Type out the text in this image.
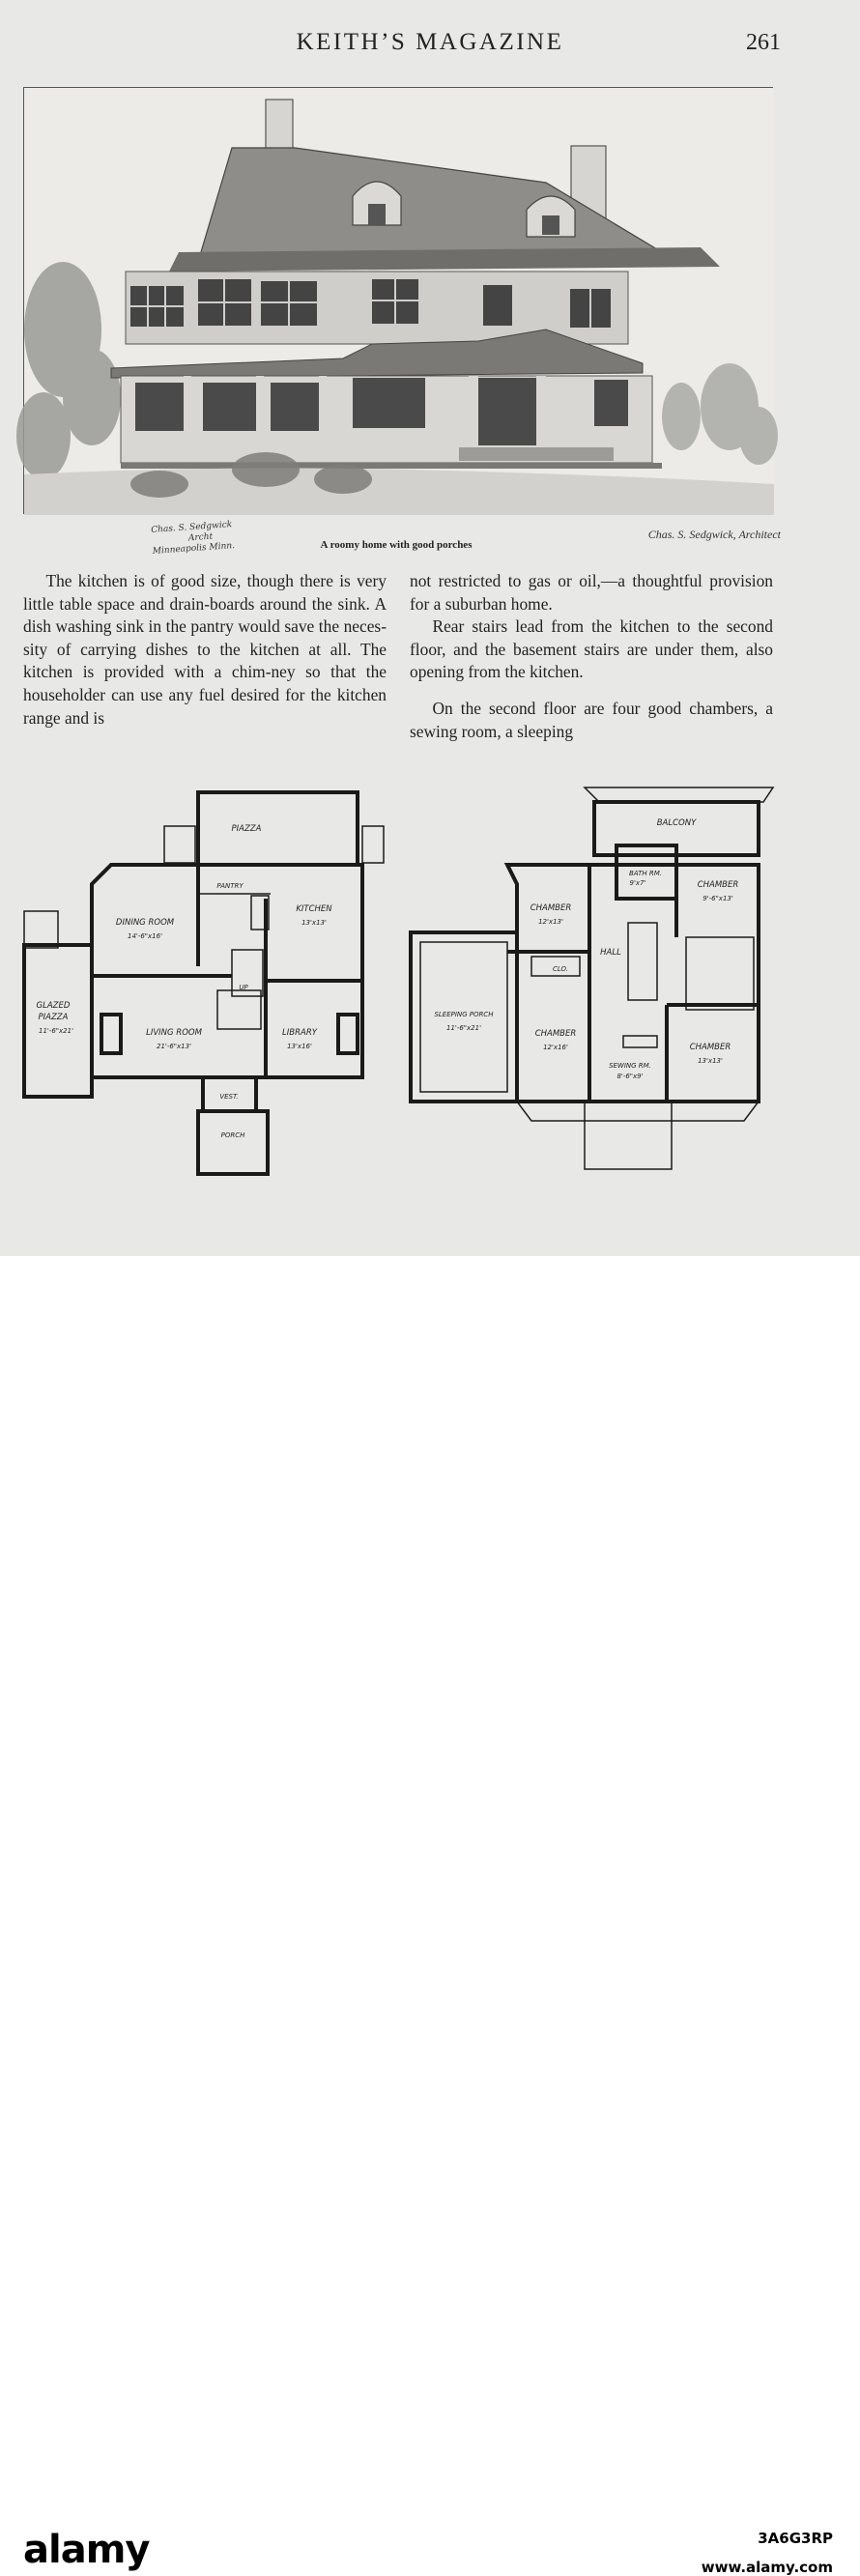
KEITH’S MAGAZINE	261
Chas. S. Sedgwick
Archt
Minneapolis Minn.	A roomy home with good porches
Chas. S. Sedgwick, Architect

The kitchen is of good size, though there is very little table space and drain-boards around the sink. A dish washing sink in the pantry would save the neces-sity of carrying dishes to the kitchen at all. The kitchen is provided with a chim-ney so that the householder can use any fuel desired for the kitchen range and is

not restricted to gas or oil,—a thoughtful provision for a suburban home.

Rear stairs lead from the kitchen to the second floor, and the basement stairs are under them, also opening from the kitchen.

On the second floor are four good chambers, a sewing room, a sleeping

PIAZZA
PANTRY
DINING ROOM
14'-6"x16'
KITCHEN
13'x13'
GLAZED
PIAZZA
11'-6"x21'	LIVING ROOM
21'-6"x13'
LIBRARY
13'x16'
VEST.
PORCH
UP
BALCONY
BATH RM.
9'x7'	CHAMBER
9'-6"x13'
CHAMBER
12'x13'
HALL
CLO.
SLEEPING PORCH
11'-6"x21'
CHAMBER
12'x16'
SEWING RM.
8'-6"x9'
CHAMBER
13'x13'
alamy	3A6G3RP
www.alamy.com
